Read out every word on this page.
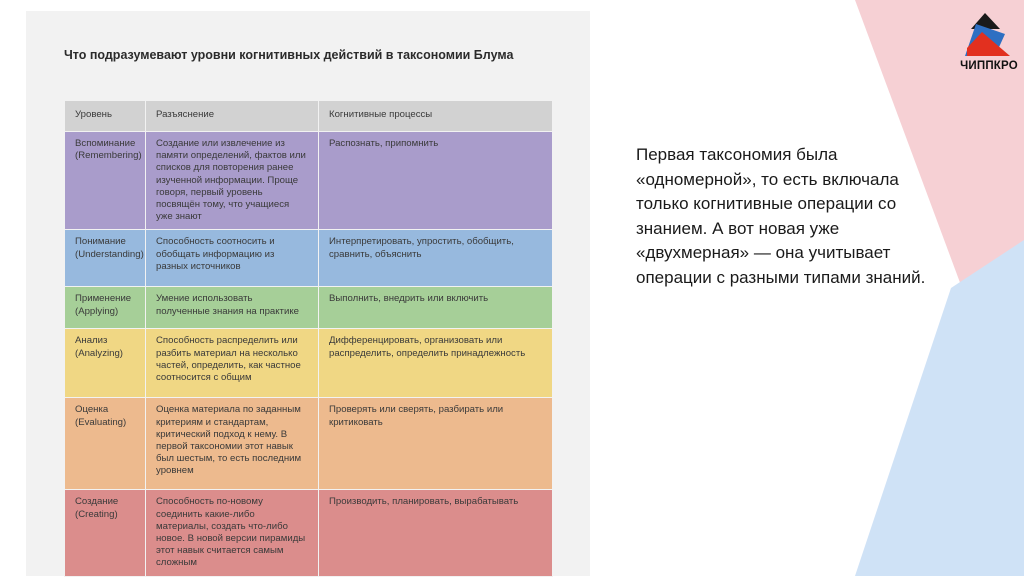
Что подразумевают уровни когнитивных действий в таксономии Блума
Уровень	Разъяснение	Когнитивные процессы
Вспоминание (Remembering)	Создание или извлечение из памяти определений, фактов или списков для повторения ранее изученной информации. Проще говоря, первый уровень посвящён тому, что учащиеся уже знают	Распознать, припомнить
Понимание (Understanding)	Способность соотносить и обобщать информацию из разных источников	Интерпретировать, упростить, обобщить, сравнить, объяснить
Применение (Applying)	Умение использовать полученные знания на практике	Выполнить, внедрить или включить
Анализ (Analyzing)	Способность распределить или разбить материал на несколько частей, определить, как частное соотносится с общим	Дифференцировать, организовать или распределить, определить принадлежность
Оценка (Evaluating)	Оценка материала по заданным критериям и стандартам, критический подход к нему. В первой таксономии этот навык был шестым, то есть последним уровнем	Проверять или сверять, разбирать или критиковать
Создание (Creating)	Способность по-новому соединить какие-либо материалы, создать что-либо новое. В новой версии пирамиды этот навык считается самым сложным	Производить, планировать, вырабатывать
ЧИППКРО
Первая таксономия была «одномерной», то есть включала только когнитивные операции со знанием. А вот новая уже «двухмерная» — она учитывает операции с разными типами знаний.
